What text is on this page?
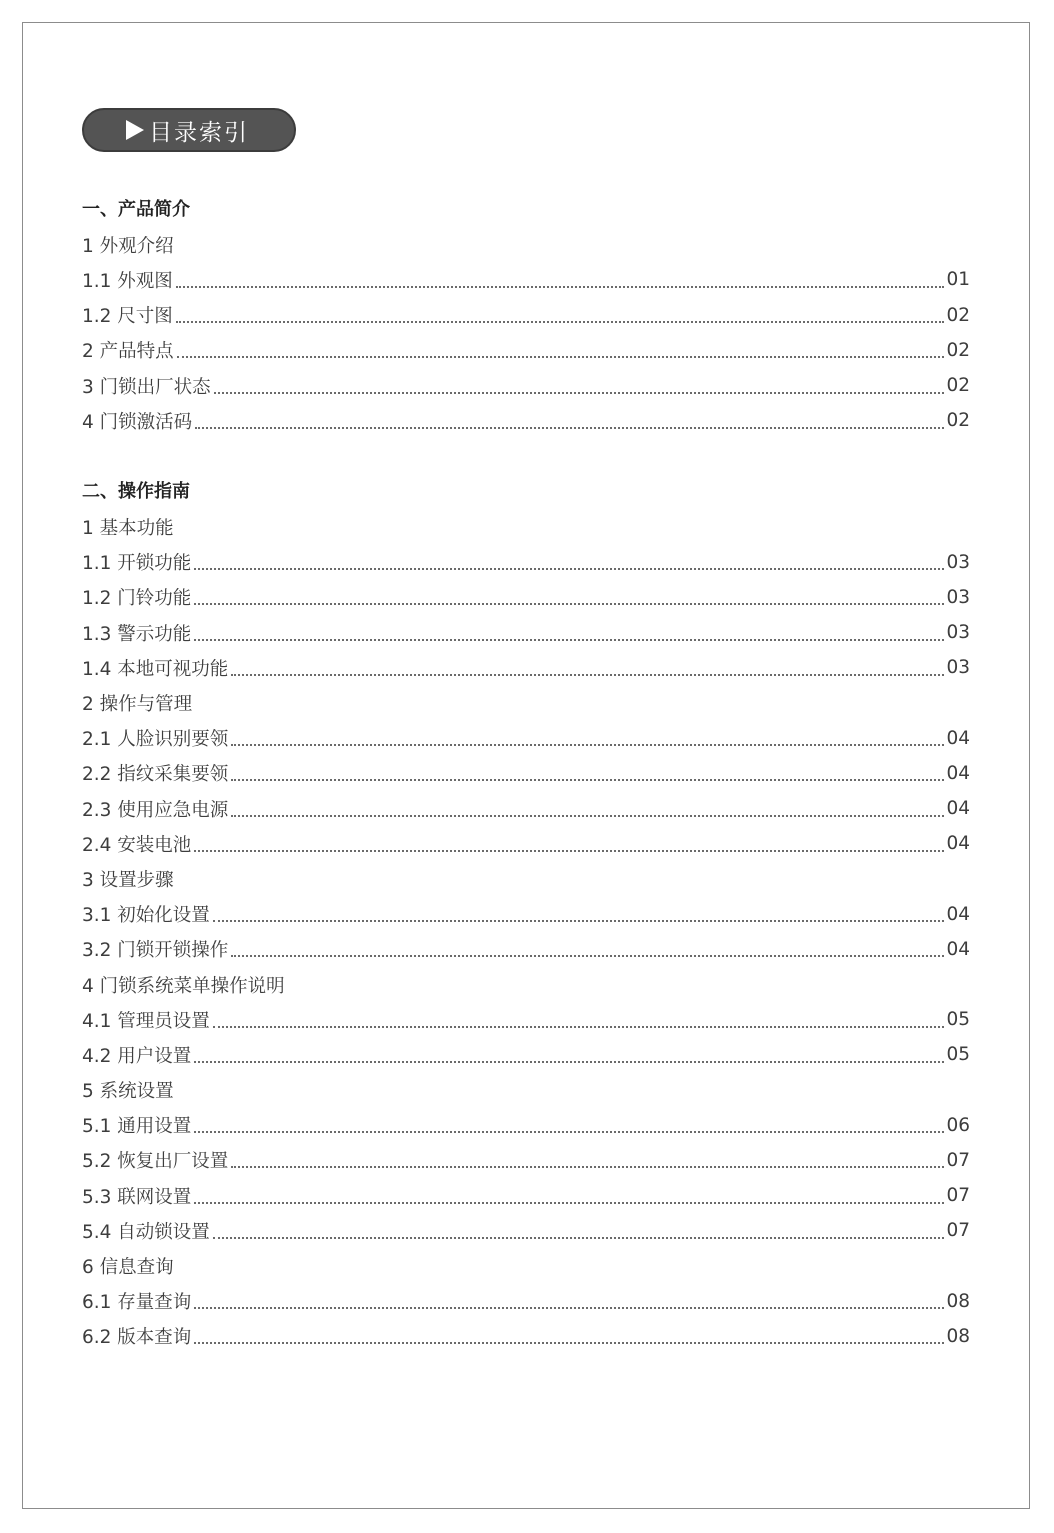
目录索引
一、产品简介
1 外观介绍
1.1 外观图	01
1.2 尺寸图	02
2 产品特点	02
3 门锁出厂状态	02
4 门锁激活码	02
二、操作指南
1 基本功能
1.1 开锁功能	03
1.2 门铃功能	03
1.3 警示功能	03
1.4 本地可视功能	03
2 操作与管理
2.1 人脸识别要领	04
2.2 指纹采集要领	04
2.3 使用应急电源	04
2.4 安装电池	04
3 设置步骤
3.1 初始化设置	04
3.2 门锁开锁操作	04
4 门锁系统菜单操作说明
4.1 管理员设置	05
4.2 用户设置	05
5 系统设置
5.1 通用设置	06
5.2 恢复出厂设置	07
5.3 联网设置	07
5.4 自动锁设置	07
6 信息查询
6.1 存量查询	08
6.2 版本查询	08
